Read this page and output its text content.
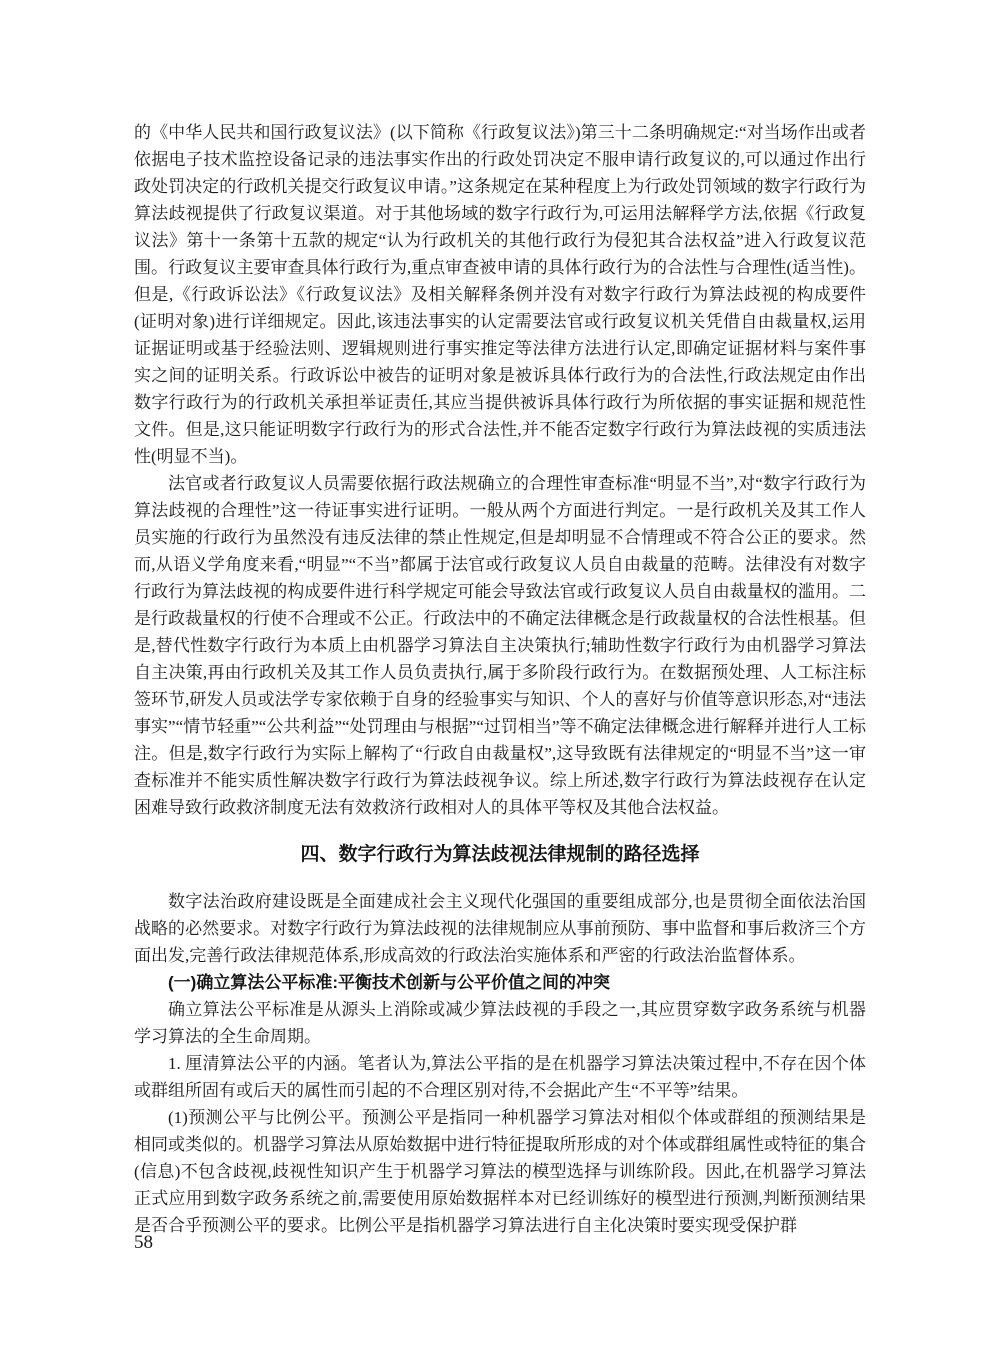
的《中华人民共和国行政复议法》(以下简称《行政复议法》)第三十二条明确规定:“对当场作出或者依据电子技术监控设备记录的违法事实作出的行政处罚决定不服申请行政复议的,可以通过作出行政处罚决定的行政机关提交行政复议申请。”这条规定在某种程度上为行政处罚领域的数字行政行为算法歧视提供了行政复议渠道。对于其他场域的数字行政行为,可运用法解释学方法,依据《行政复议法》第十一条第十五款的规定“认为行政机关的其他行政行为侵犯其合法权益”进入行政复议范围。行政复议主要审查具体行政行为,重点审查被申请的具体行政行为的合法性与合理性(适当性)。但是,《行政诉讼法》《行政复议法》及相关解释条例并没有对数字行政行为算法歧视的构成要件(证明对象)进行详细规定。因此,该违法事实的认定需要法官或行政复议机关凭借自由裁量权,运用证据证明或基于经验法则、逻辑规则进行事实推定等法律方法进行认定,即确定证据材料与案件事实之间的证明关系。行政诉讼中被告的证明对象是被诉具体行政行为的合法性,行政法规定由作出数字行政行为的行政机关承担举证责任,其应当提供被诉具体行政行为所依据的事实证据和规范性文件。但是,这只能证明数字行政行为的形式合法性,并不能否定数字行政行为算法歧视的实质违法性(明显不当)。

法官或者行政复议人员需要依据行政法规确立的合理性审查标准“明显不当”,对“数字行政行为算法歧视的合理性”这一待证事实进行证明。一般从两个方面进行判定。一是行政机关及其工作人员实施的行政行为虽然没有违反法律的禁止性规定,但是却明显不合情理或不符合公正的要求。然而,从语义学角度来看,“明显”“不当”都属于法官或行政复议人员自由裁量的范畴。法律没有对数字行政行为算法歧视的构成要件进行科学规定可能会导致法官或行政复议人员自由裁量权的滥用。二是行政裁量权的行使不合理或不公正。行政法中的不确定法律概念是行政裁量权的合法性根基。但是,替代性数字行政行为本质上由机器学习算法自主决策执行;辅助性数字行政行为由机器学习算法自主决策,再由行政机关及其工作人员负责执行,属于多阶段行政行为。在数据预处理、人工标注标签环节,研发人员或法学专家依赖于自身的经验事实与知识、个人的喜好与价值等意识形态,对“违法事实”“情节轻重”“公共利益”“处罚理由与根据”“过罚相当”等不确定法律概念进行解释并进行人工标注。但是,数字行政行为实际上解构了“行政自由裁量权”,这导致既有法律规定的“明显不当”这一审查标准并不能实质性解决数字行政行为算法歧视争议。综上所述,数字行政行为算法歧视存在认定困难导致行政救济制度无法有效救济行政相对人的具体平等权及其他合法权益。

四、数字行政行为算法歧视法律规制的路径选择

数字法治政府建设既是全面建成社会主义现代化强国的重要组成部分,也是贯彻全面依法治国战略的必然要求。对数字行政行为算法歧视的法律规制应从事前预防、事中监督和事后救济三个方面出发,完善行政法律规范体系,形成高效的行政法治实施体系和严密的行政法治监督体系。

(一)确立算法公平标准:平衡技术创新与公平价值之间的冲突

确立算法公平标准是从源头上消除或减少算法歧视的手段之一,其应贯穿数字政务系统与机器学习算法的全生命周期。

1. 厘清算法公平的内涵。笔者认为,算法公平指的是在机器学习算法决策过程中,不存在因个体或群组所固有或后天的属性而引起的不合理区别对待,不会据此产生“不平等”结果。

(1)预测公平与比例公平。预测公平是指同一种机器学习算法对相似个体或群组的预测结果是相同或类似的。机器学习算法从原始数据中进行特征提取所形成的对个体或群组属性或特征的集合(信息)不包含歧视,歧视性知识产生于机器学习算法的模型选择与训练阶段。因此,在机器学习算法正式应用到数字政务系统之前,需要使用原始数据样本对已经训练好的模型进行预测,判断预测结果是否合乎预测公平的要求。比例公平是指机器学习算法进行自主化决策时要实现受保护群

58
